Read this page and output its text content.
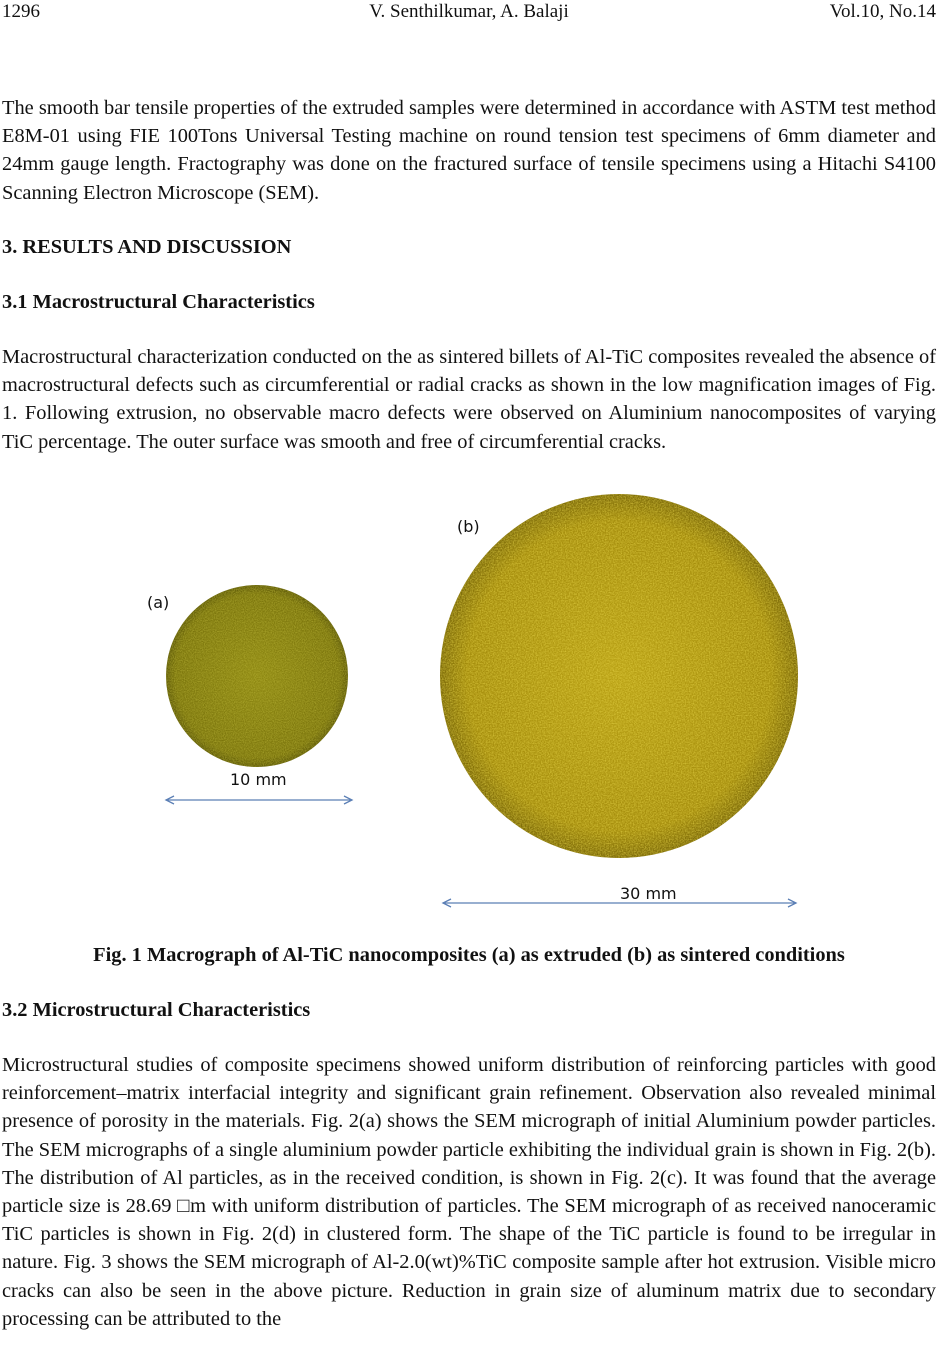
1296	V. Senthilkumar, A. Balaji	Vol.10, No.14

The smooth bar tensile properties of the extruded samples were determined in accordance with ASTM test method E8M-01 using FIE 100Tons Universal Testing machine on round tension test specimens of 6mm diameter and 24mm gauge length. Fractography was done on the fractured surface of tensile specimens using a Hitachi S4100 Scanning Electron Microscope (SEM).

3. RESULTS AND DISCUSSION
3.1 Macrostructural Characteristics

Macrostructural characterization conducted on the as sintered billets of Al-TiC composites revealed the absence of macrostructural defects such as circumferential or radial cracks as shown in the low magnification images of Fig. 1. Following extrusion, no observable macro defects were observed on Aluminium nanocomposites of varying TiC percentage. The outer surface was smooth and free of circumferential cracks.

(a)
(b)
10 mm
30 mm

Fig. 1 Macrograph of Al-TiC nanocomposites (a) as extruded (b) as sintered conditions

3.2 Microstructural Characteristics

Microstructural studies of composite specimens showed uniform distribution of reinforcing particles with good reinforcement–matrix interfacial integrity and significant grain refinement. Observation also revealed minimal presence of porosity in the materials. Fig. 2(a) shows the SEM micrograph of initial Aluminium powder particles. The SEM micrographs of a single aluminium powder particle exhibiting the individual grain is shown in Fig. 2(b). The distribution of Al particles, as in the received condition, is shown in Fig. 2(c). It was found that the average particle size is 28.69 □m with uniform distribution of particles. The SEM micrograph of as received nanoceramic TiC particles is shown in Fig. 2(d) in clustered form. The shape of the TiC particle is found to be irregular in nature. Fig. 3 shows the SEM micrograph of Al-2.0(wt)%TiC composite sample after hot extrusion. Visible micro cracks can also be seen in the above picture. Reduction in grain size of aluminum matrix due to secondary processing can be attributed to the
